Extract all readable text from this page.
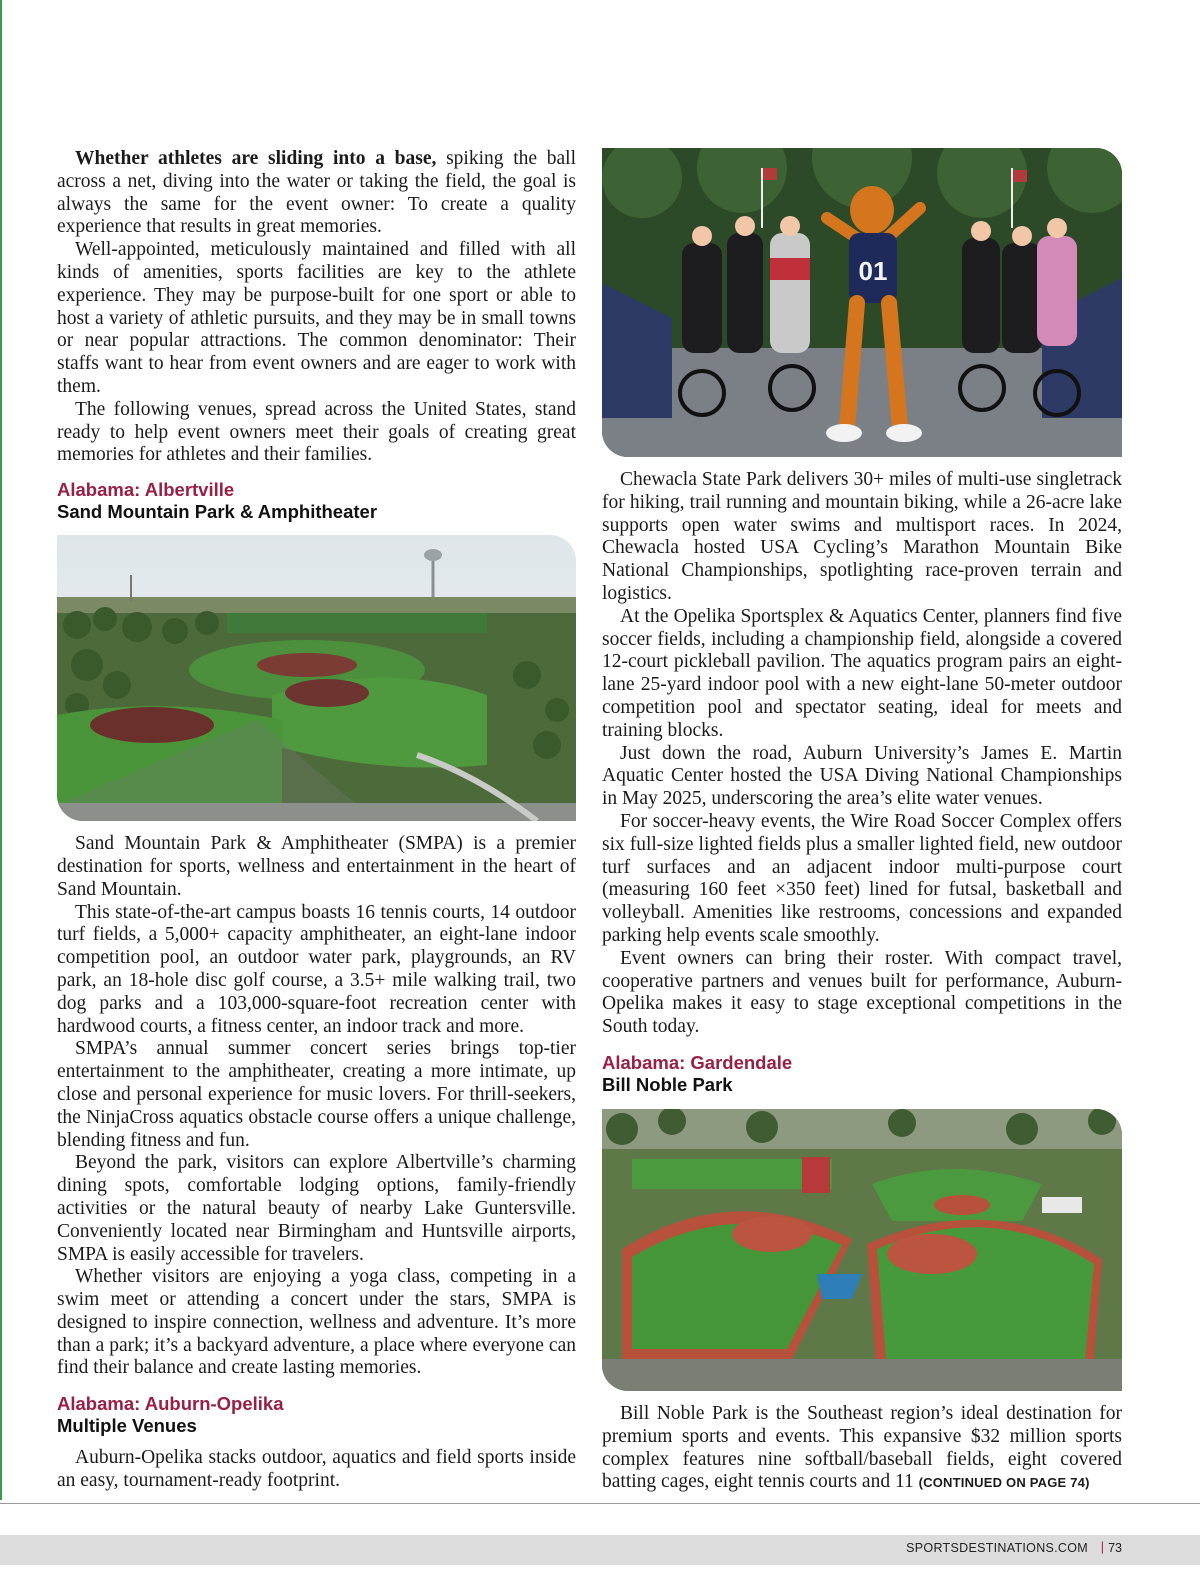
Whether athletes are sliding into a base, spiking the ball across a net, diving into the water or taking the field, the goal is always the same for the event owner: To create a quality experience that results in great memories.

Well-appointed, meticulously maintained and filled with all kinds of amenities, sports facilities are key to the athlete experience. They may be purpose-built for one sport or able to host a variety of athletic pursuits, and they may be in small towns or near popular attractions. The common denominator: Their staffs want to hear from event owners and are eager to work with them.

The following venues, spread across the United States, stand ready to help event owners meet their goals of creating great memories for athletes and their families.

Alabama: Albertville

Sand Mountain Park & Amphitheater

Sand Mountain Park & Amphitheater (SMPA) is a premier destination for sports, wellness and entertainment in the heart of Sand Mountain.

This state-of-the-art campus boasts 16 tennis courts, 14 outdoor turf fields, a 5,000+ capacity amphitheater, an eight-lane indoor competition pool, an outdoor water park, playgrounds, an RV park, an 18-hole disc golf course, a 3.5+ mile walking trail, two dog parks and a 103,000-square-foot recreation center with hardwood courts, a fitness center, an indoor track and more.

SMPA’s annual summer concert series brings top-tier entertainment to the amphitheater, creating a more intimate, up close and personal experience for music lovers. For thrill-seekers, the NinjaCross aquatics obstacle course offers a unique challenge, blending fitness and fun.

Beyond the park, visitors can explore Albertville’s charming dining spots, comfortable lodging options, family-friendly activities or the natural beauty of nearby Lake Guntersville. Conveniently located near Birmingham and Huntsville airports, SMPA is easily accessible for travelers.

Whether visitors are enjoying a yoga class, competing in a swim meet or attending a concert under the stars, SMPA is designed to inspire connection, wellness and adventure. It’s more than a park; it’s a backyard adventure, a place where everyone can find their balance and create lasting memories.

Alabama: Auburn-Opelika

Multiple Venues

Auburn-Opelika stacks outdoor, aquatics and field sports inside an easy, tournament-ready footprint.

01

Chewacla State Park delivers 30+ miles of multi-use singletrack for hiking, trail running and mountain biking, while a 26-acre lake supports open water swims and multisport races. In 2024, Chewacla hosted USA Cycling’s Marathon Mountain Bike National Championships, spotlighting race-proven terrain and logistics.

At the Opelika Sportsplex & Aquatics Center, planners find five soccer fields, including a championship field, alongside a covered 12-court pickleball pavilion. The aquatics program pairs an eight-lane 25-yard indoor pool with a new eight-lane 50-meter outdoor competition pool and spectator seating, ideal for meets and training blocks.

Just down the road, Auburn University’s James E. Martin Aquatic Center hosted the USA Diving National Championships in May 2025, underscoring the area’s elite water venues.

For soccer-heavy events, the Wire Road Soccer Complex offers six full-size lighted fields plus a smaller lighted field, new outdoor turf surfaces and an adjacent indoor multi-purpose court (measuring 160 feet ×350 feet) lined for futsal, basketball and volleyball. Amenities like restrooms, concessions and expanded parking help events scale smoothly.

Event owners can bring their roster. With compact travel, cooperative partners and venues built for performance, Auburn-Opelika makes it easy to stage exceptional competitions in the South today.

Alabama: Gardendale

Bill Noble Park

Bill Noble Park is the Southeast region’s ideal destination for premium sports and events. This expansive $32 million sports complex features nine softball/baseball fields, eight covered batting cages, eight tennis courts and 11 (CONTINUED ON PAGE 74)

SPORTSDESTINATIONS.COM | 73
